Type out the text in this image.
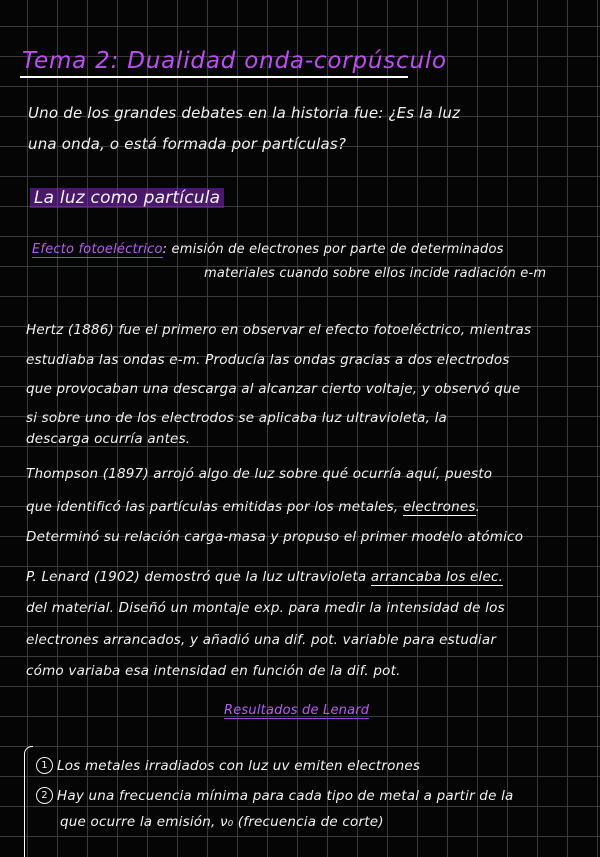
Tema 2: Dualidad onda-corpúsculo
Uno de los grandes debates en la historia fue: ¿Es la luz
una onda, o está formada por partículas?
La luz como partícula
Efecto fotoeléctrico: emisión de electrones por parte de determinados
materiales cuando sobre ellos incide radiación e-m
Hertz (1886) fue el primero en observar el efecto fotoeléctrico, mientras
estudiaba las ondas e-m. Producía las ondas gracias a dos electrodos
que provocaban una descarga al alcanzar cierto voltaje, y observó que
si sobre uno de los electrodos se aplicaba luz ultravioleta, la
descarga ocurría antes.
Thompson (1897) arrojó algo de luz sobre qué ocurría aquí, puesto
que identificó las partículas emitidas por los metales, electrones.
Determinó su relación carga-masa y propuso el primer modelo atómico
P. Lenard (1902) demostró que la luz ultravioleta arrancaba los elec.
del material. Diseñó un montaje exp. para medir la intensidad de los
electrones arrancados, y añadió una dif. pot. variable para estudiar
cómo variaba esa intensidad en función de la dif. pot.
Resultados de Lenard
1 Los metales irradiados con luz uv emiten electrones
2 Hay una frecuencia mínima para cada tipo de metal a partir de la
que ocurre la emisión, ν₀ (frecuencia de corte)
